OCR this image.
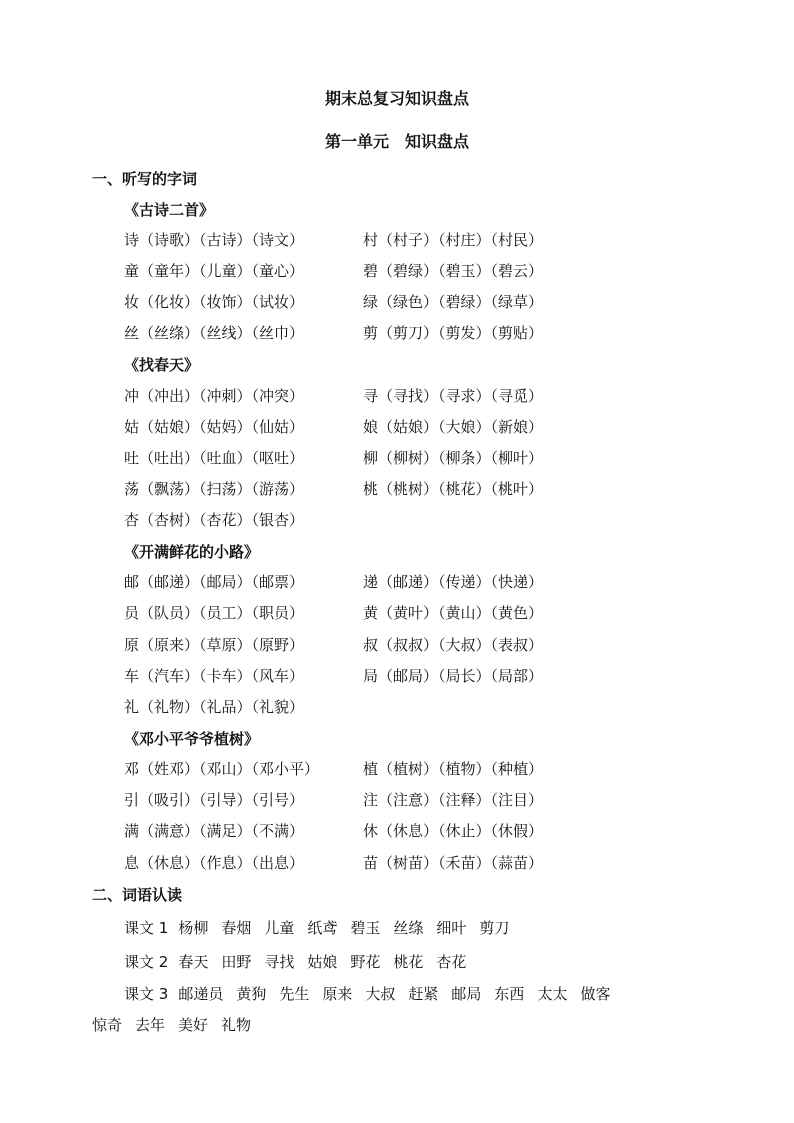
期末总复习知识盘点
第一单元　知识盘点
一、听写的字词
《古诗二首》
诗（诗歌）（古诗）（诗文）	村（村子）（村庄）（村民）
童（童年）（儿童）（童心）	碧（碧绿）（碧玉）（碧云）
妆（化妆）（妆饰）（试妆）	绿（绿色）（碧绿）（绿草）
丝（丝绦）（丝线）（丝巾）	剪（剪刀）（剪发）（剪贴）
《找春天》
冲（冲出）（冲刺）（冲突）	寻（寻找）（寻求）（寻觅）
姑（姑娘）（姑妈）（仙姑）	娘（姑娘）（大娘）（新娘）
吐（吐出）（吐血）（呕吐）	柳（柳树）（柳条）（柳叶）
荡（飘荡）（扫荡）（游荡）	桃（桃树）（桃花）（桃叶）
杏（杏树）（杏花）（银杏）
《开满鲜花的小路》
邮（邮递）（邮局）（邮票）	递（邮递）（传递）（快递）
员（队员）（员工）（职员）	黄（黄叶）（黄山）（黄色）
原（原来）（草原）（原野）	叔（叔叔）（大叔）（表叔）
车（汽车）（卡车）（风车）	局（邮局）（局长）（局部）
礼（礼物）（礼品）（礼貌）
《邓小平爷爷植树》
邓（姓邓）（邓山）（邓小平）	植（植树）（植物）（种植）
引（吸引）（引导）（引号）	注（注意）（注释）（注目）
满（满意）（满足）（不满）	休（休息）（休止）（休假）
息（休息）（作息）（出息）	苗（树苗）（禾苗）（蒜苗）
二、词语认读
课文 1 杨柳 春烟 儿童 纸鸢 碧玉 丝绦 细叶 剪刀
课文 2 春天 田野 寻找 姑娘 野花 桃花 杏花
课文 3 邮递员 黄狗 先生 原来 大叔 赶紧 邮局 东西 太太 做客
惊奇 去年 美好 礼物
